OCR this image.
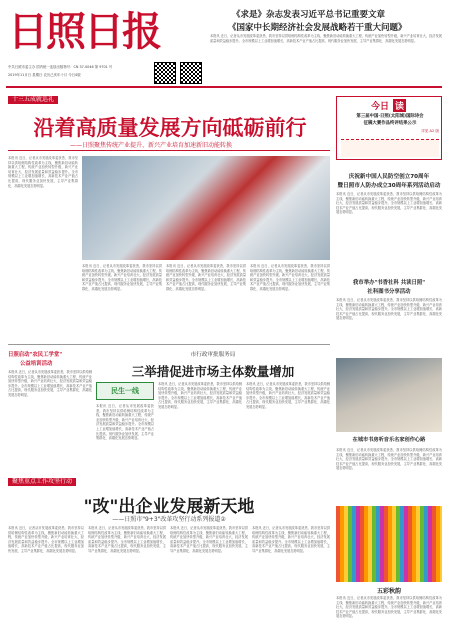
日照日报
中共日照市委主办 国内统一连续出版物号：CN 37-0046 第 9701 号
2019年11月日 星期日 农历己亥年十月 今日4版
《求是》杂志发表习近平总书记重要文章
《国家中长期经济社会发展战略若干重大问题》
本报讯 近日，记者从市发展改革委获悉，我市坚持以供给侧结构性改革为主线，聚焦新旧动能转换重大工程，传统产业加快转型升级，新兴产业培育壮大，经济发展质量和效益稳步提升。全市规模以上工业增加值增长，高新技术产业产值占比提高，现代服务业加快发展，主导产业集群化、高端化发展态势明显。
十三五成就巡礼
沿着高质量发展方向砥砺前行
——日照聚焦传统产业提升、新兴产业培育加速新旧动能转换
本报讯 近日，记者从市发展改革委获悉，我市坚持以供给侧结构性改革为主线，聚焦新旧动能转换重大工程，传统产业加快转型升级，新兴产业培育壮大，经济发展质量和效益稳步提升。全市规模以上工业增加值增长，高新技术产业产值占比提高，现代服务业加快发展，主导产业集群化、高端化发展态势明显。
本报讯 近日，记者从市发展改革委获悉，我市坚持以供给侧结构性改革为主线，聚焦新旧动能转换重大工程，传统产业加快转型升级，新兴产业培育壮大，经济发展质量和效益稳步提升。全市规模以上工业增加值增长，高新技术产业产值占比提高，现代服务业加快发展，主导产业集群化、高端化发展态势明显。
本报讯 近日，记者从市发展改革委获悉，我市坚持以供给侧结构性改革为主线，聚焦新旧动能转换重大工程，传统产业加快转型升级，新兴产业培育壮大，经济发展质量和效益稳步提升。全市规模以上工业增加值增长，高新技术产业产值占比提高，现代服务业加快发展，主导产业集群化、高端化发展态势明显。
本报讯 近日，记者从市发展改革委获悉，我市坚持以供给侧结构性改革为主线，聚焦新旧动能转换重大工程，传统产业加快转型升级，新兴产业培育壮大，经济发展质量和效益稳步提升。全市规模以上工业增加值增长，高新技术产业产值占比提高，现代服务业加快发展，主导产业集群化、高端化发展态势明显。
今日 读
第三届中国·日照(太阳城)国际诗会
征稿大赛作品终评结果公示
详见 A2 版
庆祝新中国人民防空创立70周年
暨日照市人防办成立30周年系列活动启动
本报讯 近日，记者从市发展改革委获悉，我市坚持以供给侧结构性改革为主线，聚焦新旧动能转换重大工程，传统产业加快转型升级，新兴产业培育壮大，经济发展质量和效益稳步提升。全市规模以上工业增加值增长，高新技术产业产值占比提高，现代服务业加快发展，主导产业集群化、高端化发展态势明显。
我市举办"书香社科 共读日照"
社科图书分享活动
本报讯 近日，记者从市发展改革委获悉，我市坚持以供给侧结构性改革为主线，聚焦新旧动能转换重大工程，传统产业加快转型升级，新兴产业培育壮大，经济发展质量和效益稳步提升。全市规模以上工业增加值增长，高新技术产业产值占比提高，现代服务业加快发展，主导产业集群化、高端化发展态势明显。
在城市书房听音乐名家创作心路
本报讯 近日，记者从市发展改革委获悉，我市坚持以供给侧结构性改革为主线，聚焦新旧动能转换重大工程，传统产业加快转型升级，新兴产业培育壮大，经济发展质量和效益稳步提升。全市规模以上工业增加值增长，高新技术产业产值占比提高，现代服务业加快发展，主导产业集群化、高端化发展态势明显。
五彩秋韵
本报讯 近日，记者从市发展改革委获悉，我市坚持以供给侧结构性改革为主线，聚焦新旧动能转换重大工程，传统产业加快转型升级，新兴产业培育壮大，经济发展质量和效益稳步提升。全市规模以上工业增加值增长，高新技术产业产值占比提高，现代服务业加快发展，主导产业集群化、高端化发展态势明显。
日照启动"农民工学堂"
公益培训活动
本报讯 近日，记者从市发展改革委获悉，我市坚持以供给侧结构性改革为主线，聚焦新旧动能转换重大工程，传统产业加快转型升级，新兴产业培育壮大，经济发展质量和效益稳步提升。全市规模以上工业增加值增长，高新技术产业产值占比提高，现代服务业加快发展，主导产业集群化、高端化发展态势明显。
市行政审批服务局
三举措促进市场主体数量增加
民生一线
本报讯 近日，记者从市发展改革委获悉，我市坚持以供给侧结构性改革为主线，聚焦新旧动能转换重大工程，传统产业加快转型升级，新兴产业培育壮大，经济发展质量和效益稳步提升。全市规模以上工业增加值增长，高新技术产业产值占比提高，现代服务业加快发展，主导产业集群化、高端化发展态势明显。
本报讯 近日，记者从市发展改革委获悉，我市坚持以供给侧结构性改革为主线，聚焦新旧动能转换重大工程，传统产业加快转型升级，新兴产业培育壮大，经济发展质量和效益稳步提升。全市规模以上工业增加值增长，高新技术产业产值占比提高，现代服务业加快发展，主导产业集群化、高端化发展态势明显。
本报讯 近日，记者从市发展改革委获悉，我市坚持以供给侧结构性改革为主线，聚焦新旧动能转换重大工程，传统产业加快转型升级，新兴产业培育壮大，经济发展质量和效益稳步提升。全市规模以上工业增加值增长，高新技术产业产值占比提高，现代服务业加快发展，主导产业集群化、高端化发展态势明显。
聚焦重点工作攻坚行动
"改"出企业发展新天地
——日照市"9+3"改革攻坚行动系列报道②
本报讯 近日，记者从市发展改革委获悉，我市坚持以供给侧结构性改革为主线，聚焦新旧动能转换重大工程，传统产业加快转型升级，新兴产业培育壮大，经济发展质量和效益稳步提升。全市规模以上工业增加值增长，高新技术产业产值占比提高，现代服务业加快发展，主导产业集群化、高端化发展态势明显。
本报讯 近日，记者从市发展改革委获悉，我市坚持以供给侧结构性改革为主线，聚焦新旧动能转换重大工程，传统产业加快转型升级，新兴产业培育壮大，经济发展质量和效益稳步提升。全市规模以上工业增加值增长，高新技术产业产值占比提高，现代服务业加快发展，主导产业集群化、高端化发展态势明显。
本报讯 近日，记者从市发展改革委获悉，我市坚持以供给侧结构性改革为主线，聚焦新旧动能转换重大工程，传统产业加快转型升级，新兴产业培育壮大，经济发展质量和效益稳步提升。全市规模以上工业增加值增长，高新技术产业产值占比提高，现代服务业加快发展，主导产业集群化、高端化发展态势明显。
本报讯 近日，记者从市发展改革委获悉，我市坚持以供给侧结构性改革为主线，聚焦新旧动能转换重大工程，传统产业加快转型升级，新兴产业培育壮大，经济发展质量和效益稳步提升。全市规模以上工业增加值增长，高新技术产业产值占比提高，现代服务业加快发展，主导产业集群化、高端化发展态势明显。
